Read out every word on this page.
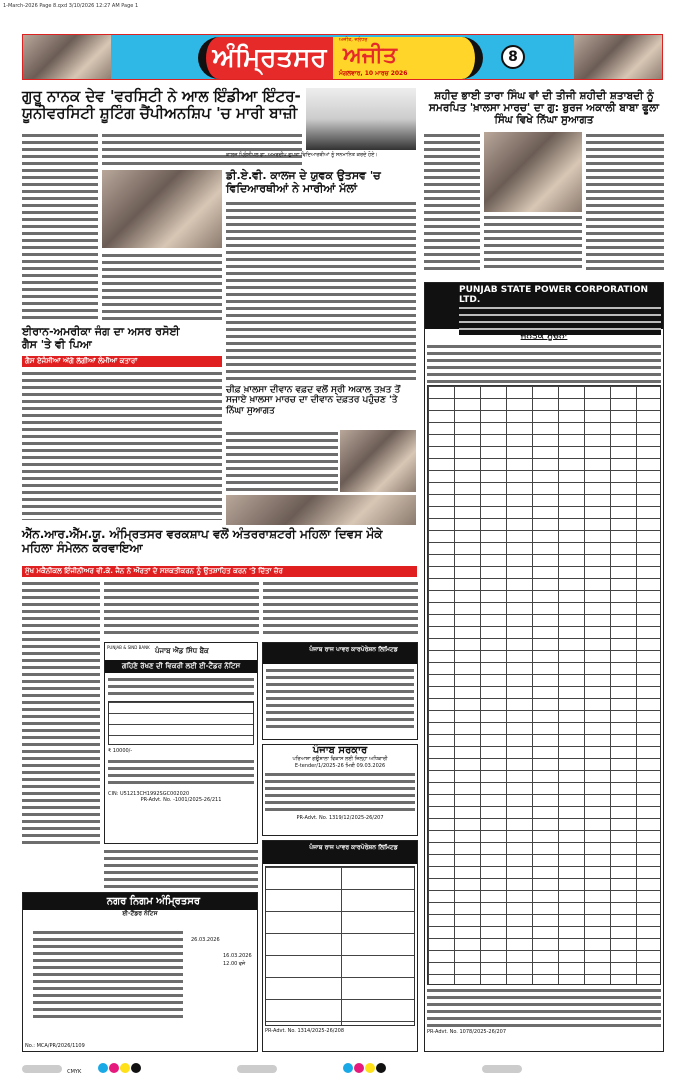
1-March-2026 Page 8.qxd 3/10/2026 12:27 AM Page 1
ਅੰਮ੍ਰਿਤਸਰ
ਅਜੀਤ, ਜਲੰਧਰ
ਅਜੀਤ
ਮੰਗਲਵਾਰ, 10 ਮਾਰਚ 2026
8
ਗੁਰੂ ਨਾਨਕ ਦੇਵ 'ਵਰਸਿਟੀ ਨੇ ਆਲ ਇੰਡੀਆ ਇੰਟਰ-ਯੂਨੀਵਰਸਿਟੀ ਸ਼ੂਟਿੰਗ ਚੈਂਪੀਅਨਸ਼ਿਪ 'ਚ ਮਾਰੀ ਬਾਜ਼ੀ
ਕਾਲਜ ਪ੍ਰਿੰਸੀਪਲ ਡਾ. ਅਮਰਦੀਪ ਗੁਪਤਾ ਵਿਦਿਆਰਥੀਆਂ ਨੂੰ ਸਨਮਾਨਿਤ ਕਰਦੇ ਹੋਏ।
ਡੀ.ਏ.ਵੀ. ਕਾਲਜ ਦੇ ਯੁਵਕ ਉਤਸਵ 'ਚ ਵਿਦਿਆਰਥੀਆਂ ਨੇ ਮਾਰੀਆਂ ਮੱਲਾਂ
ਈਰਾਨ-ਅਮਰੀਕਾ ਜੰਗ ਦਾ ਅਸਰ ਰਸੋਈ ਗੈਸ 'ਤੇ ਵੀ ਪਿਆ
ਗੈਸ ਏਜੰਸੀਆਂ ਅੱਗੇ ਲੱਗੀਆਂ ਲੰਮੀਆਂ ਕਤਾਰਾਂ
ਚੀਫ਼ ਖ਼ਾਲਸਾ ਦੀਵਾਨ ਵਫ਼ਦ ਵਲੋਂ ਸ੍ਰੀ ਅਕਾਲ ਤਖ਼ਤ ਤੋਂ ਸਜਾਏ ਖ਼ਾਲਸਾ ਮਾਰਚ ਦਾ ਦੀਵਾਨ ਦਫ਼ਤਰ ਪਹੁੰਚਣ 'ਤੇ ਨਿੱਘਾ ਸੁਆਗਤ
ਐੱਨ.ਆਰ.ਐੱਮ.ਯੂ. ਅੰਮ੍ਰਿਤਸਰ ਵਰਕਸ਼ਾਪ ਵਲੋਂ ਅੰਤਰਰਾਸ਼ਟਰੀ ਮਹਿਲਾ ਦਿਵਸ ਮੌਕੇ ਮਹਿਲਾ ਸੰਮੇਲਨ ਕਰਵਾਇਆ
ਮੁੱਖ ਮਕੈਨੀਕਲ ਇੰਜੀਨੀਅਰ ਵੀ.ਕੇ. ਜੈਨ ਨੇ ਔਰਤਾਂ ਦੇ ਸਸ਼ਕਤੀਕਰਨ ਨੂੰ ਉਤਸ਼ਾਹਿਤ ਕਰਨ 'ਤੇ ਦਿੱਤਾ ਜ਼ੋਰ
PUNJAB & SIND BANK ਪੰਜਾਬ ਐਂਡ ਸਿੰਧ ਬੈਂਕ
ਗਹਿਣੇ ਰੱਖਣ ਦੀ ਵਿਕਰੀ ਲਈ ਈ-ਟੈਂਡਰ ਨੋਟਿਸ
₹ 10000/-
CIN: U51213CH1992SGC002020
PR-Advt. No. -1001/2025-26/211
ਪੰਜਾਬ ਰਾਜ ਪਾਵਰ ਕਾਰਪੋਰੇਸ਼ਨ ਲਿਮਿਟਡ
ਪੰਜਾਬ ਸਰਕਾਰ
ਪਰਿਆਸ਼ਾ ਗਊਸ਼ਾਲਾ ਵਿਕਾਸ ਲਈ ਜ਼ਿਲ੍ਹਾ ਅਧਿਕਾਰੀ
E-tender/1/2025-26 ਮਿਤੀ 09.03.2026
PR-Advt. No. 1319/12/2025-26/207
ਪੰਜਾਬ ਰਾਜ ਪਾਵਰ ਕਾਰਪੋਰੇਸ਼ਨ ਲਿਮਿਟਡ
PR-Advt. No. 1314/2025-26/208
ਨਗਰ ਨਿਗਮ ਅੰਮ੍ਰਿਤਸਰ
ਈ-ਟੈਂਡਰ ਨੋਟਿਸ
26.03.2026
16.03.2026
12.00 ਵਜੇ
No.: MCA/PR/2026/1109
ਸ਼ਹੀਦ ਭਾਈ ਤਾਰਾ ਸਿੰਘ ਵਾਂ ਦੀ ਤੀਜੀ ਸ਼ਹੀਦੀ ਸ਼ਤਾਬਦੀ ਨੂੰ ਸਮਰਪਿਤ 'ਖ਼ਾਲਸਾ ਮਾਰਚ' ਦਾ ਗੁ: ਬੁਰਜ ਅਕਾਲੀ ਬਾਬਾ ਫੂਲਾ ਸਿੰਘ ਵਿਖੇ ਨਿੱਘਾ ਸੁਆਗਤ
PUNJAB STATE POWER CORPORATION LTD.
ਜਨਤਕ ਸੂਚਨਾ
PR-Advt. No. 1078/2025-26/207
CMYK
